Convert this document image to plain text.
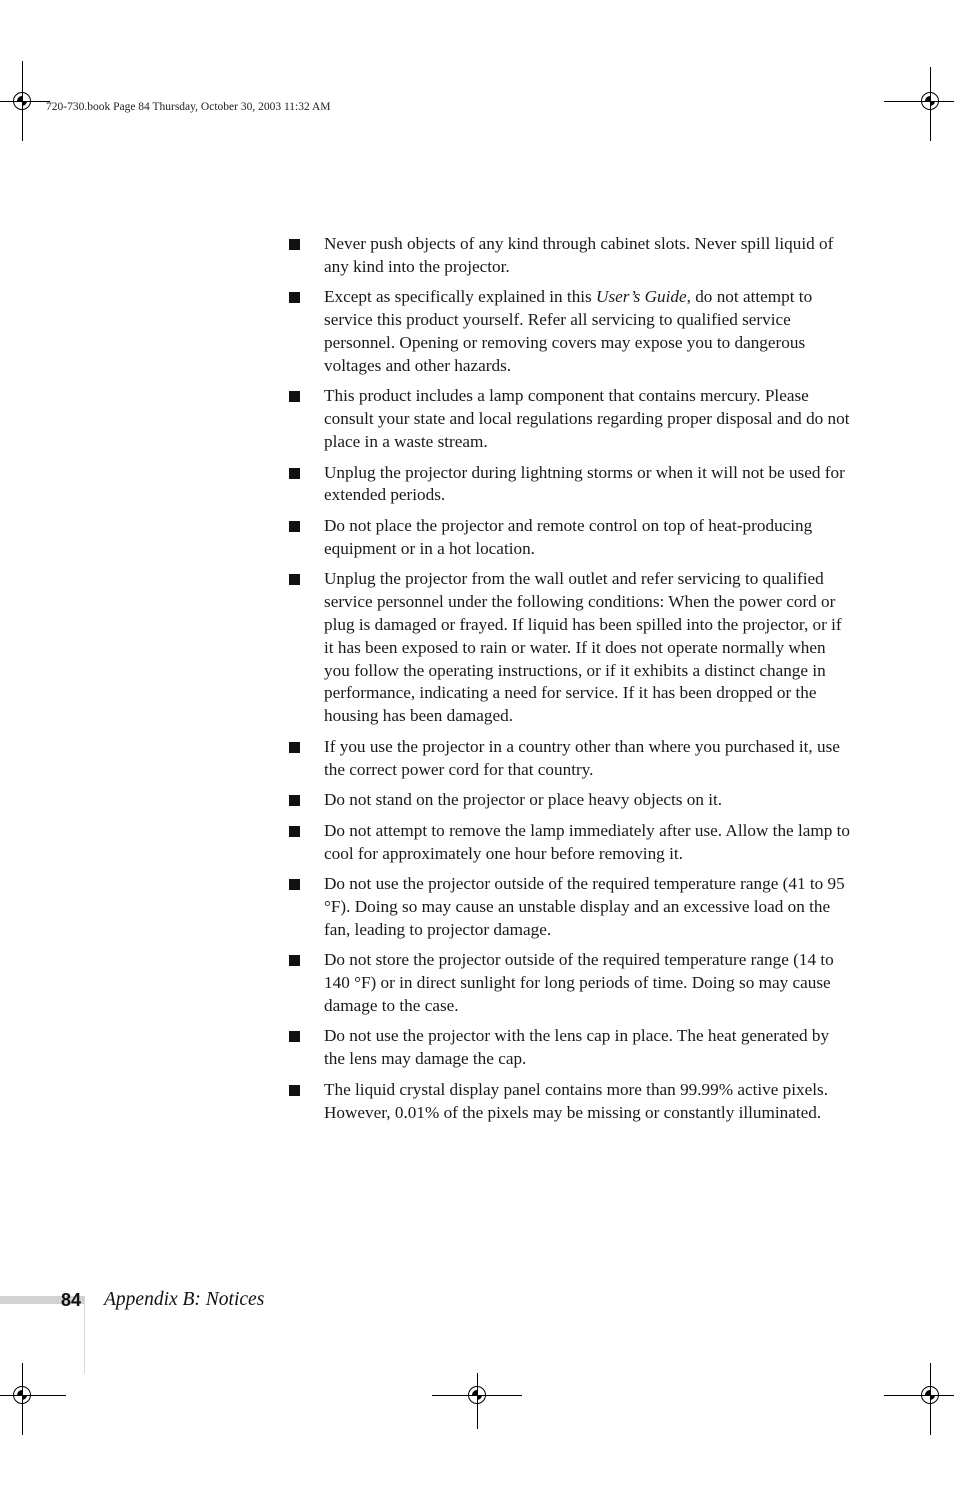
720-730.book Page 84 Thursday, October 30, 2003 11:32 AM
Never push objects of any kind through cabinet slots. Never spill liquid of any kind into the projector.
Except as specifically explained in this User’s Guide, do not attempt to service this product yourself. Refer all servicing to qualified service personnel. Opening or removing covers may expose you to dangerous voltages and other hazards.
This product includes a lamp component that contains mercury. Please consult your state and local regulations regarding proper disposal and do not place in a waste stream.
Unplug the projector during lightning storms or when it will not be used for extended periods.
Do not place the projector and remote control on top of heat-producing equipment or in a hot location.
Unplug the projector from the wall outlet and refer servicing to qualified service personnel under the following conditions: When the power cord or plug is damaged or frayed. If liquid has been spilled into the projector, or if it has been exposed to rain or water. If it does not operate normally when you follow the operating instructions, or if it exhibits a distinct change in performance, indicating a need for service. If it has been dropped or the housing has been damaged.
If you use the projector in a country other than where you purchased it, use the correct power cord for that country.
Do not stand on the projector or place heavy objects on it.
Do not attempt to remove the lamp immediately after use. Allow the lamp to cool for approximately one hour before removing it.
Do not use the projector outside of the required temperature range (41 to 95 °F). Doing so may cause an unstable display and an excessive load on the fan, leading to projector damage.
Do not store the projector outside of the required temperature range (14 to 140 °F) or in direct sunlight for long periods of time. Doing so may cause damage to the case.
Do not use the projector with the lens cap in place. The heat generated by the lens may damage the cap.
The liquid crystal display panel contains more than 99.99% active pixels. However, 0.01% of the pixels may be missing or constantly illuminated.
84 Appendix B: Notices
